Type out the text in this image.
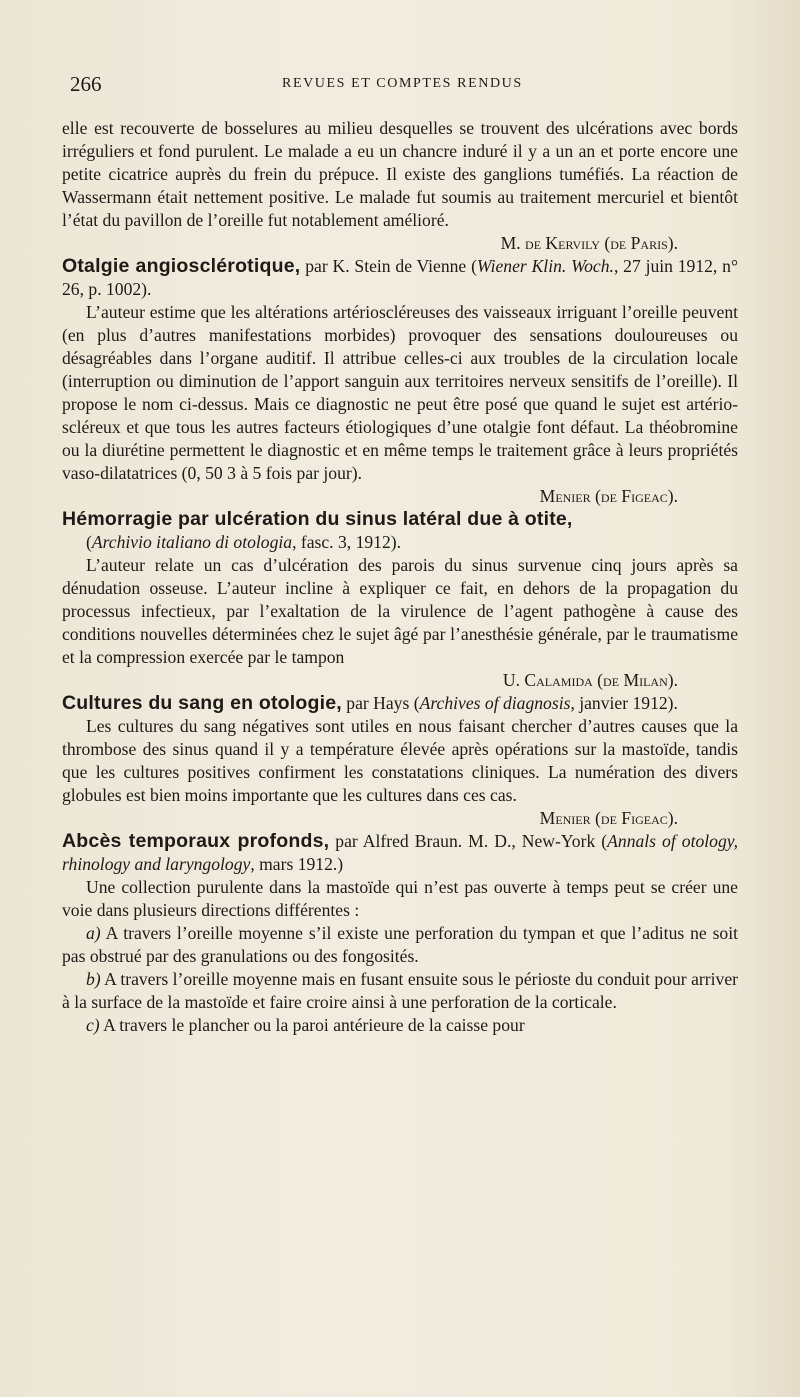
266	REVUES ET COMPTES RENDUS

elle est recouverte de bosselures au milieu desquelles se trouvent des ulcérations avec bords irréguliers et fond purulent. Le malade a eu un chancre induré il y a un an et porte encore une petite cicatrice auprès du frein du prépuce. Il existe des ganglions tuméfiés. La réaction de Wassermann était nettement positive. Le malade fut soumis au traitement mercuriel et bientôt l’état du pavillon de l’oreille fut notablement amélioré.

M. de Kervily (de Paris).

Otalgie angiosclérotique, par K. Stein de Vienne (Wiener Klin. Woch., 27 juin 1912, n° 26, p. 1002).

L’auteur estime que les altérations artérioscléreuses des vaisseaux irriguant l’oreille peuvent (en plus d’autres manifestations morbides) provoquer des sensations douloureuses ou désagréables dans l’organe auditif. Il attribue celles-ci aux troubles de la circulation locale (interruption ou diminution de l’apport sanguin aux territoires nerveux sensitifs de l’oreille). Il propose le nom ci-dessus. Mais ce diagnostic ne peut être posé que quand le sujet est artério-scléreux et que tous les autres facteurs étiologiques d’une otalgie font défaut. La théobromine ou la diurétine permettent le diagnostic et en même temps le traitement grâce à leurs propriétés vaso-dilatatrices (0, 50 3 à 5 fois par jour).

Menier (de Figeac).

Hémorragie par ulcération du sinus latéral due à otite,

(Archivio italiano di otologia, fasc. 3, 1912).

L’auteur relate un cas d’ulcération des parois du sinus survenue cinq jours après sa dénudation osseuse. L’auteur incline à expliquer ce fait, en dehors de la propagation du processus infectieux, par l’exaltation de la virulence de l’agent pathogène à cause des conditions nouvelles déterminées chez le sujet âgé par l’anesthésie générale, par le traumatisme et la compression exercée par le tampon

U. Calamida (de Milan).

Cultures du sang en otologie, par Hays (Archives of diagnosis, janvier 1912).

Les cultures du sang négatives sont utiles en nous faisant chercher d’autres causes que la thrombose des sinus quand il y a température élevée après opérations sur la mastoïde, tandis que les cultures positives confirment les constatations cliniques. La numération des divers globules est bien moins importante que les cultures dans ces cas.

Menier (de Figeac).

Abcès temporaux profonds, par Alfred Braun. M. D., New-York (Annals of otology, rhinology and laryngology, mars 1912.)

Une collection purulente dans la mastoïde qui n’est pas ouverte à temps peut se créer une voie dans plusieurs directions différentes :

a) A travers l’oreille moyenne s’il existe une perforation du tympan et que l’aditus ne soit pas obstrué par des granulations ou des fongosités.

b) A travers l’oreille moyenne mais en fusant ensuite sous le périoste du conduit pour arriver à la surface de la mastoïde et faire croire ainsi à une perforation de la corticale.

c) A travers le plancher ou la paroi antérieure de la caisse pour
